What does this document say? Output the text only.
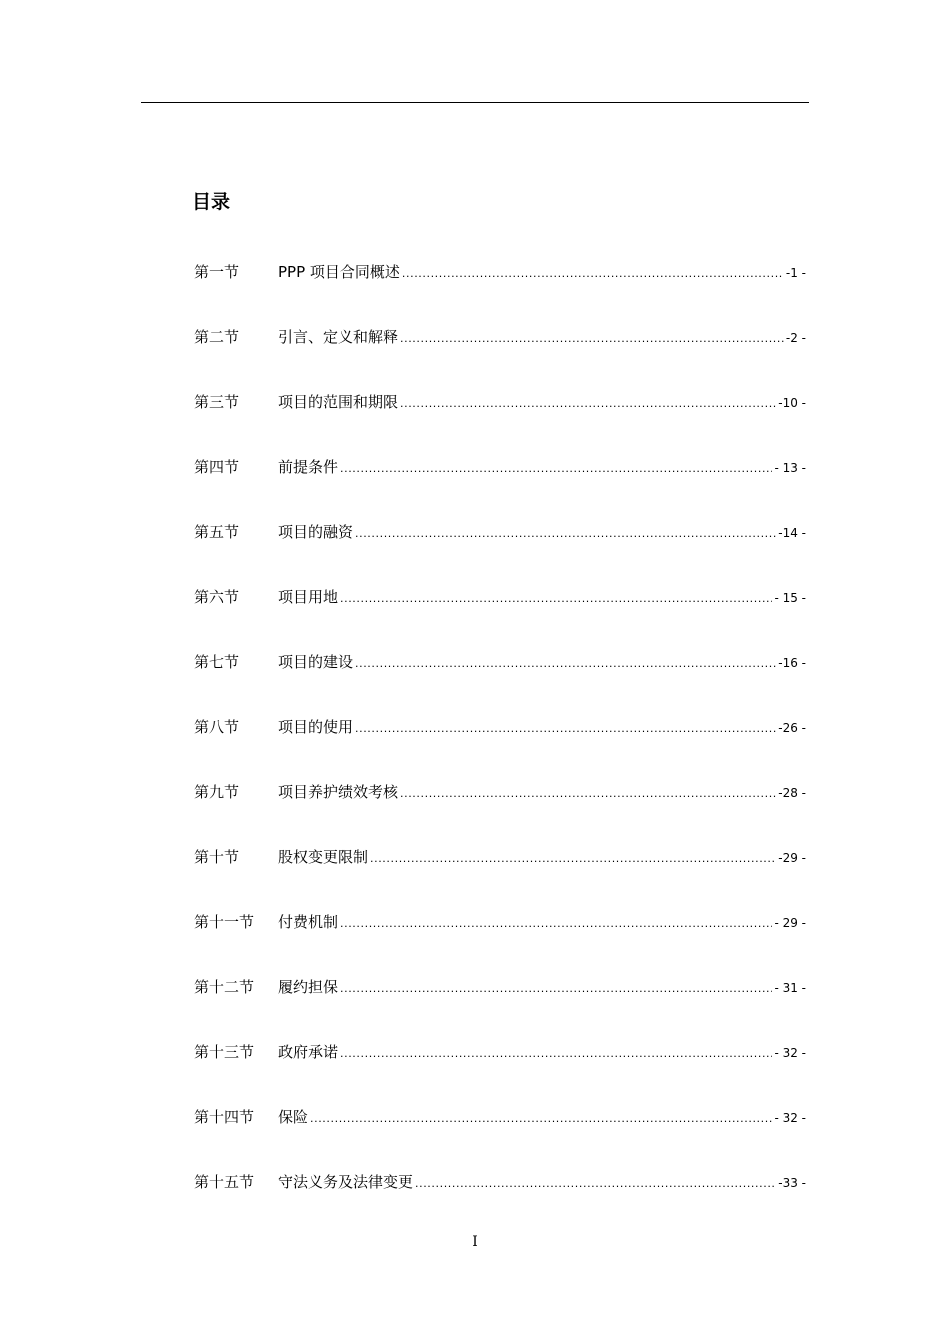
目录
第一节	PPP 项目合同概述 .....	-1 -
第二节	引言、定义和解释 .....	-2 -
第三节	项目的范围和期限 .....	-10 -
第四节	前提条件 .....	- 13 -
第五节	项目的融资 .....	-14 -
第六节	项目用地 .....	- 15 -
第七节	项目的建设 .....	-16 -
第八节	项目的使用 .....	-26 -
第九节	项目养护绩效考核 .....	-28 -
第十节	股权变更限制 .....	-29 -
第十一节	付费机制 .....	- 29 -
第十二节	履约担保 .....	- 31 -
第十三节	政府承诺 .....	- 32 -
第十四节	保险 .....	- 32 -
第十五节	守法义务及法律变更 .....	-33 -
I
